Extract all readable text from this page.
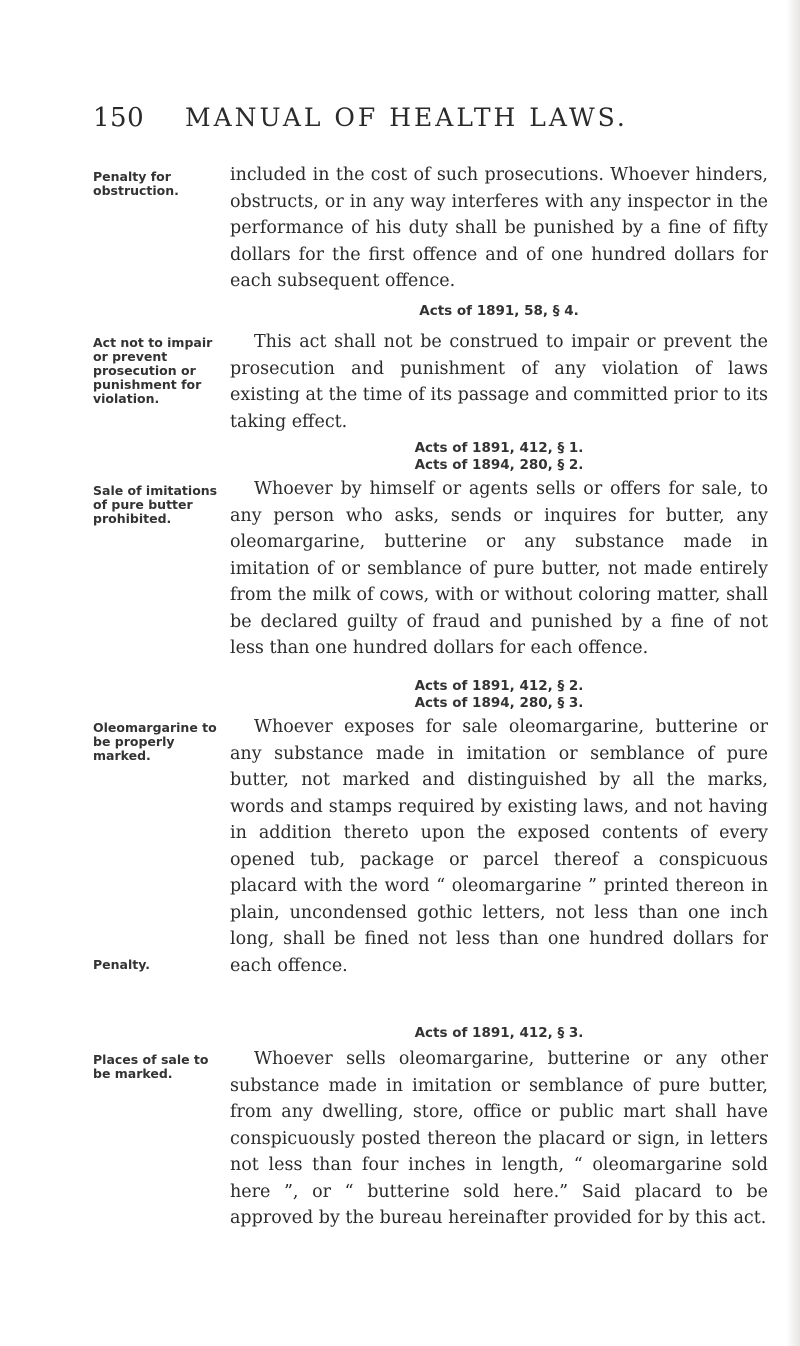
150 MANUAL OF HEALTH LAWS.
Penalty for obstruction.

included in the cost of such prosecutions. Whoever hinders, obstructs, or in any way interferes with any inspector in the performance of his duty shall be punished by a fine of fifty dollars for the first offence and of one hundred dollars for each subsequent offence.

Acts of 1891, 58, § 4.
Act not to impair or prevent prosecution or punishment for violation.

This act shall not be construed to impair or prevent the prosecution and punishment of any violation of laws existing at the time of its passage and committed prior to its taking effect.

Acts of 1891, 412, § 1.
Acts of 1894, 280, § 2.
Sale of imitations of pure butter prohibited.

Whoever by himself or agents sells or offers for sale, to any person who asks, sends or inquires for butter, any oleomargarine, butterine or any substance made in imitation of or semblance of pure butter, not made entirely from the milk of cows, with or without coloring matter, shall be declared guilty of fraud and punished by a fine of not less than one hundred dollars for each offence.

Acts of 1891, 412, § 2.
Acts of 1894, 280, § 3.
Oleomargarine to be properly marked.
Penalty.

Whoever exposes for sale oleomargarine, butterine or any substance made in imitation or semblance of pure butter, not marked and distinguished by all the marks, words and stamps required by existing laws, and not having in addition thereto upon the exposed contents of every opened tub, package or parcel thereof a conspicuous placard with the word “ oleomargarine ” printed thereon in plain, uncondensed gothic letters, not less than one inch long, shall be fined not less than one hundred dollars for each offence.

Acts of 1891, 412, § 3.
Places of sale to be marked.

Whoever sells oleomargarine, butterine or any other substance made in imitation or semblance of pure butter, from any dwelling, store, office or public mart shall have conspicuously posted thereon the placard or sign, in letters not less than four inches in length, “ oleomargarine sold here ”, or “ butterine sold here.” Said placard to be approved by the bureau hereinafter provided for by this act.
